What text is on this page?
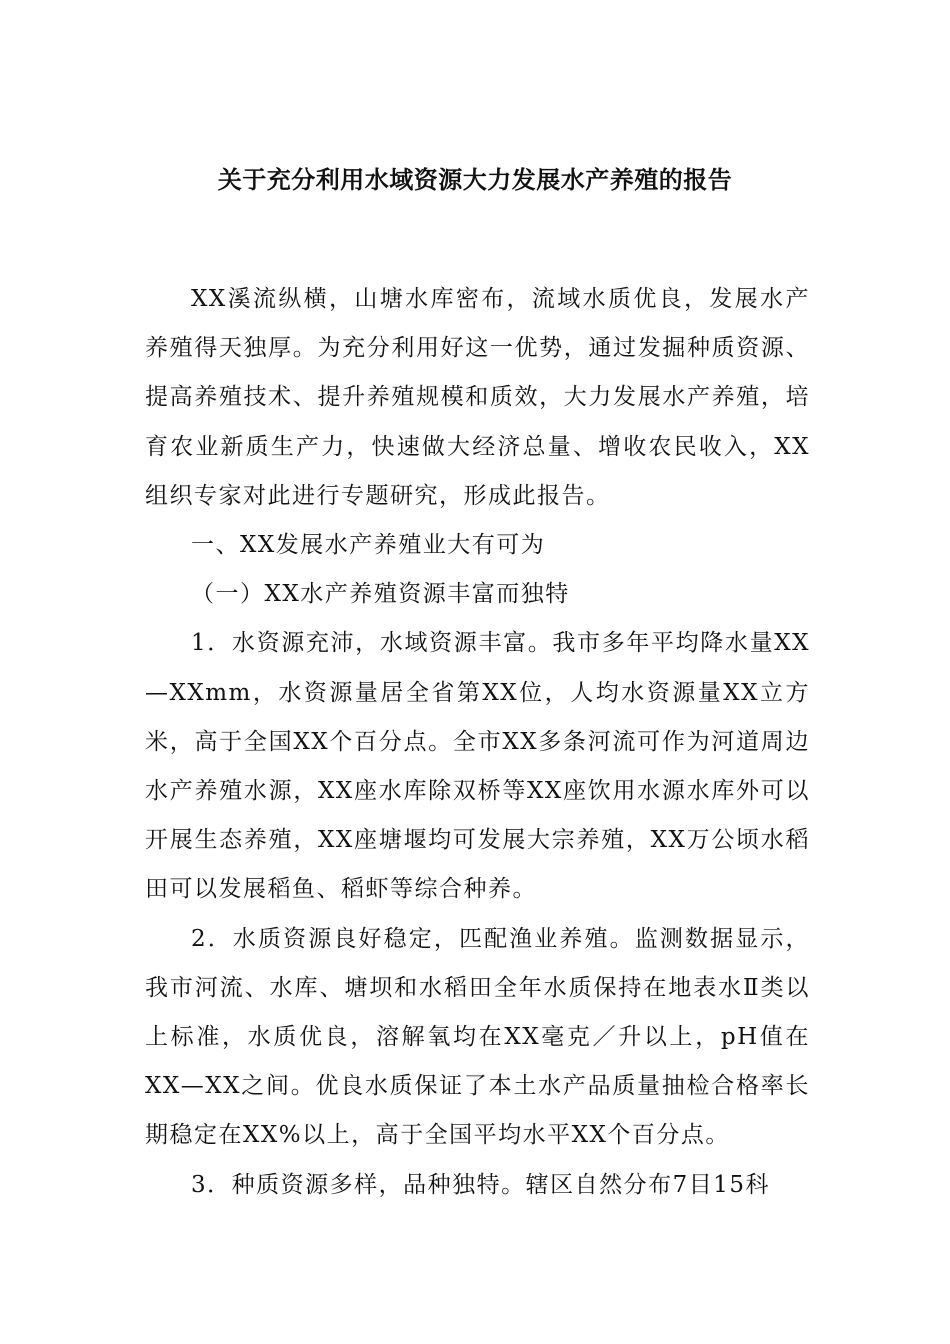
关于充分利用水域资源大力发展水产养殖的报告

XX溪流纵横，山塘水库密布，流域水质优良，发展水产养殖得天独厚。为充分利用好这一优势，通过发掘种质资源、提高养殖技术、提升养殖规模和质效，大力发展水产养殖，培育农业新质生产力，快速做大经济总量、增收农民收入，XX组织专家对此进行专题研究，形成此报告。

一、XX发展水产养殖业大有可为

（一）XX水产养殖资源丰富而独特

1．水资源充沛，水域资源丰富。我市多年平均降水量XX—XXmm，水资源量居全省第XX位，人均水资源量XX立方米，高于全国XX个百分点。全市XX多条河流可作为河道周边水产养殖水源，XX座水库除双桥等XX座饮用水源水库外可以开展生态养殖，XX座塘堰均可发展大宗养殖，XX万公顷水稻田可以发展稻鱼、稻虾等综合种养。

2．水质资源良好稳定，匹配渔业养殖。监测数据显示，我市河流、水库、塘坝和水稻田全年水质保持在地表水Ⅱ类以上标准，水质优良，溶解氧均在XX毫克／升以上，pH值在XX—XX之间。优良水质保证了本土水产品质量抽检合格率长期稳定在XX%以上，高于全国平均水平XX个百分点。

3．种质资源多样，品种独特。辖区自然分布7目15科
